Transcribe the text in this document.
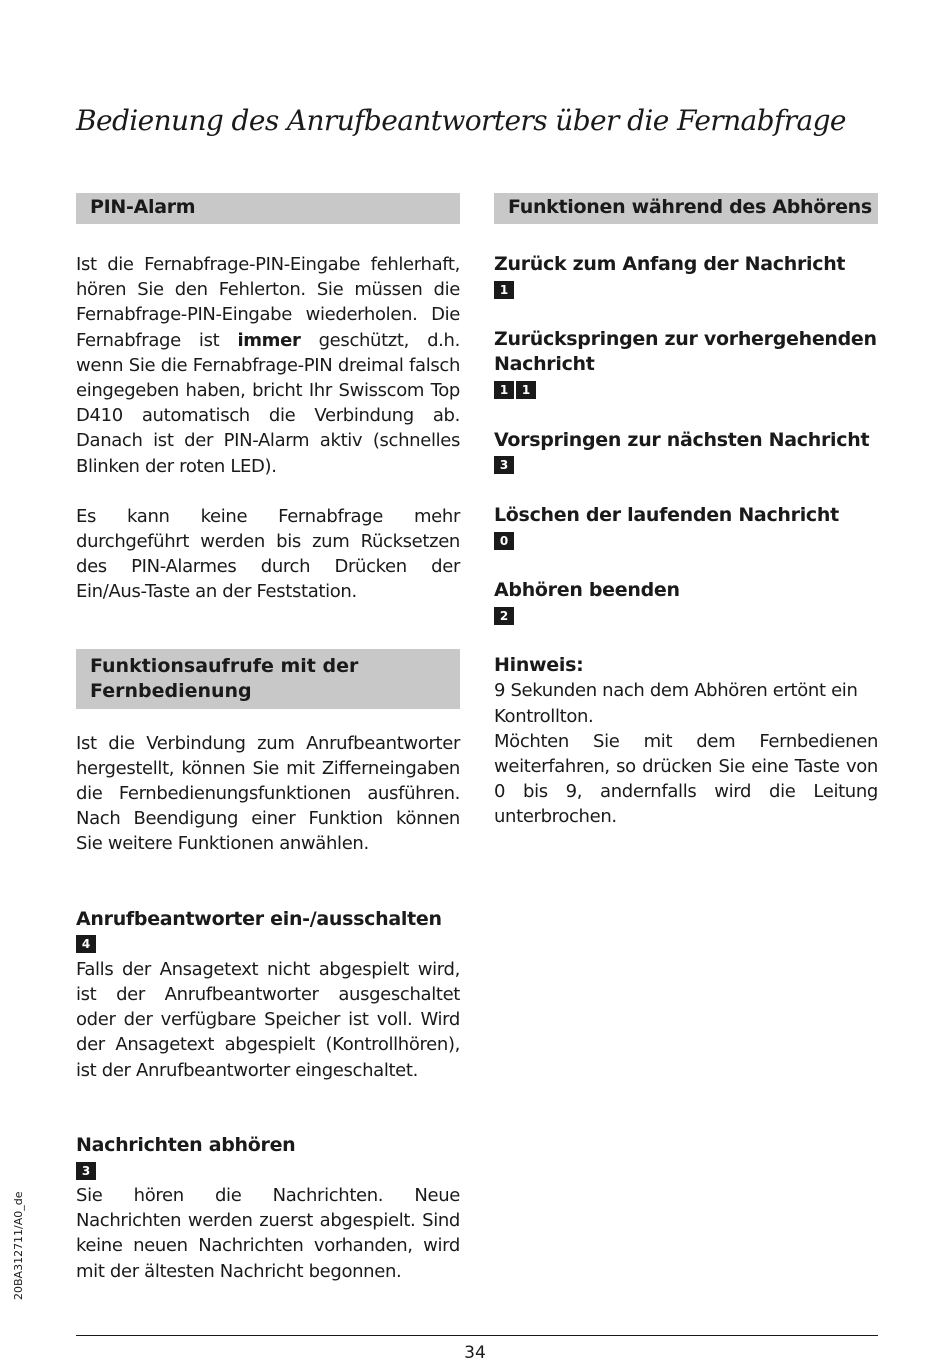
Bedienung des Anrufbeantworters über die Fernabfrage
PIN-Alarm

Ist die Fernabfrage-PIN-Eingabe fehlerhaft, hören Sie den Fehlerton. Sie müssen die Fernabfrage-PIN-Eingabe wiederholen. Die Fernabfrage ist immer geschützt, d.h. wenn Sie die Fernabfrage-PIN dreimal falsch eingegeben haben, bricht Ihr Swisscom Top D410 automatisch die Verbindung ab. Danach ist der PIN-Alarm aktiv (schnelles Blinken der roten LED).

Es kann keine Fernabfrage mehr durchgeführt werden bis zum Rücksetzen des PIN-Alarmes durch Drücken der Ein/Aus-Taste an der Feststation.

Funktionsaufrufe mit der Fernbedienung

Ist die Verbindung zum Anrufbeantworter hergestellt, können Sie mit Zifferneingaben die Fernbedienungsfunktionen ausführen. Nach Beendigung einer Funktion können Sie weitere Funktionen anwählen.

Anrufbeantworter ein-/ausschalten

4

Falls der Ansagetext nicht abgespielt wird, ist der Anrufbeantworter ausgeschaltet oder der verfügbare Speicher ist voll. Wird der Ansagetext abgespielt (Kontrollhören), ist der Anrufbeantworter eingeschaltet.

Nachrichten abhören

3

Sie hören die Nachrichten. Neue Nachrichten werden zuerst abgespielt. Sind keine neuen Nachrichten vorhanden, wird mit der ältesten Nachricht begonnen.

Funktionen während des Abhörens

Zurück zum Anfang der Nachricht

1

Zurückspringen zur vorhergehenden Nachricht

1	1

Vorspringen zur nächsten Nachricht

3

Löschen der laufenden Nachricht

0

Abhören beenden

2

Hinweis:

9 Sekunden nach dem Abhören ertönt ein Kontrollton.

Möchten Sie mit dem Fernbedienen weiterfahren, so drücken Sie eine Taste von 0 bis 9, andernfalls wird die Leitung unterbrochen.

34
20BA312711/A0_de
